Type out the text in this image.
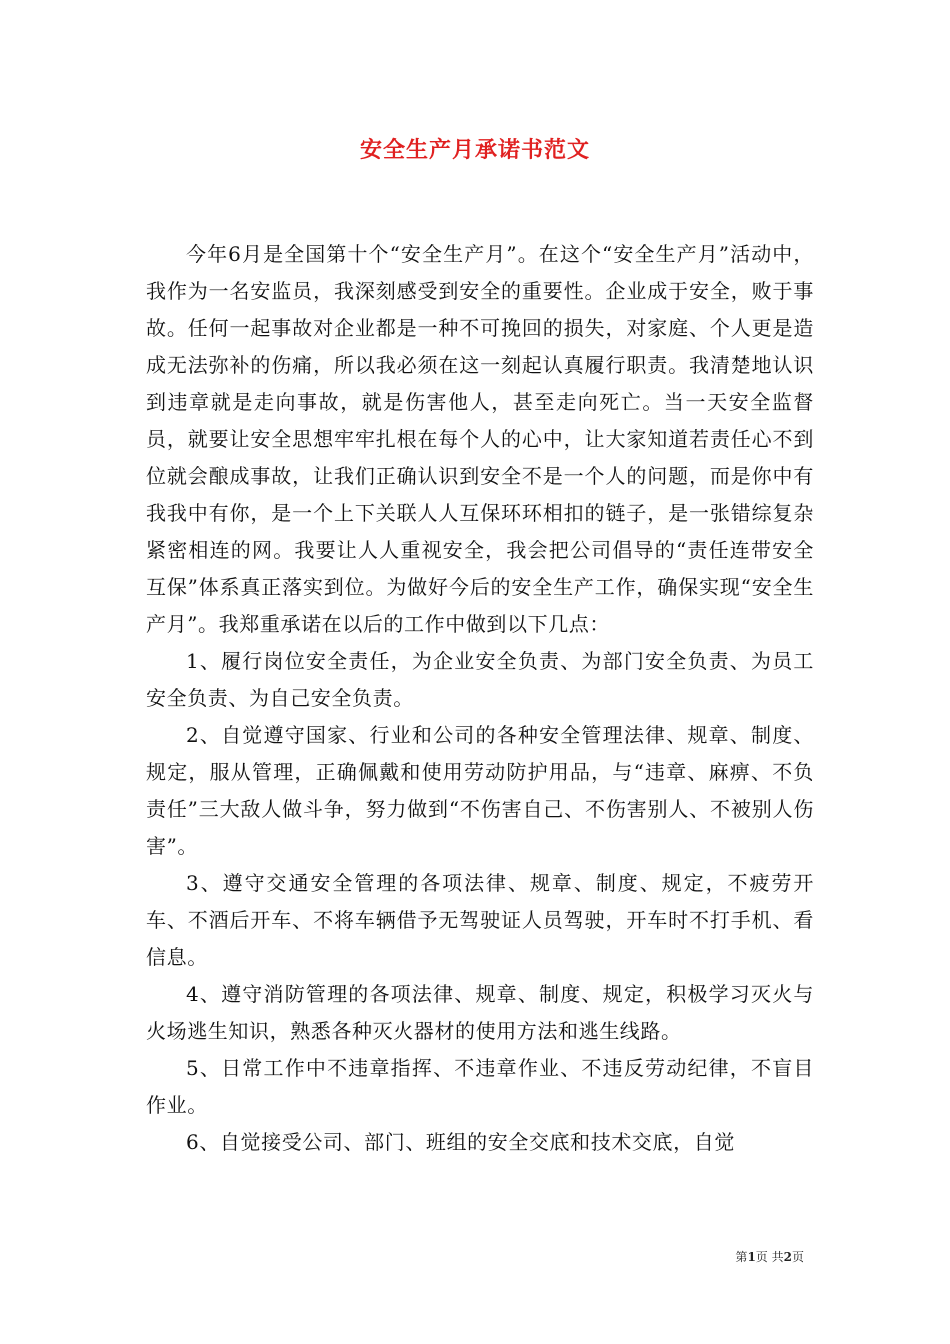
安全生产月承诺书范文

今年6月是全国第十个“安全生产月”。在这个“安全生产月”活动中，我作为一名安监员，我深刻感受到安全的重要性。企业成于安全，败于事故。任何一起事故对企业都是一种不可挽回的损失，对家庭、个人更是造成无法弥补的伤痛，所以我必须在这一刻起认真履行职责。我清楚地认识到违章就是走向事故，就是伤害他人，甚至走向死亡。当一天安全监督员，就要让安全思想牢牢扎根在每个人的心中，让大家知道若责任心不到位就会酿成事故，让我们正确认识到安全不是一个人的问题，而是你中有我我中有你，是一个上下关联人人互保环环相扣的链子，是一张错综复杂紧密相连的网。我要让人人重视安全，我会把公司倡导的“责任连带安全互保”体系真正落实到位。为做好今后的安全生产工作，确保实现“安全生产月”。我郑重承诺在以后的工作中做到以下几点：

1、履行岗位安全责任，为企业安全负责、为部门安全负责、为员工安全负责、为自己安全负责。

2、自觉遵守国家、行业和公司的各种安全管理法律、规章、制度、规定，服从管理，正确佩戴和使用劳动防护用品，与“违章、麻痹、不负责任”三大敌人做斗争，努力做到“不伤害自己、不伤害别人、不被别人伤害”。

3、遵守交通安全管理的各项法律、规章、制度、规定，不疲劳开车、不酒后开车、不将车辆借予无驾驶证人员驾驶，开车时不打手机、看信息。

4、遵守消防管理的各项法律、规章、制度、规定，积极学习灭火与火场逃生知识，熟悉各种灭火器材的使用方法和逃生线路。

5、日常工作中不违章指挥、不违章作业、不违反劳动纪律，不盲目作业。

6、自觉接受公司、部门、班组的安全交底和技术交底，自觉

第1页 共2页
